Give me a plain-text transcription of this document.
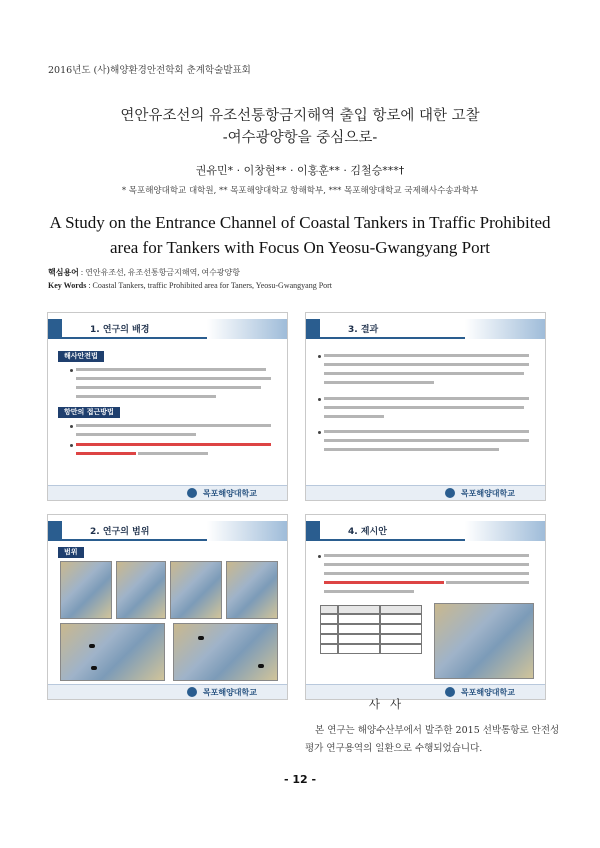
2016년도 (사)해양환경안전학회 춘계학술발표회
연안유조선의 유조선통항금지해역 출입 항로에 대한 고찰
-여수광양항을 중심으로-
권유민* · 이창현** · 이홍훈** · 김철승***†
* 목포해양대학교 대학원, ** 목포해양대학교 항해학부, *** 목포해양대학교 국제해사수송과학부
A Study on the Entrance Channel of Coastal Tankers in Traffic Prohibited
area for Tankers with Focus On Yeosu-Gwangyang Port
핵심용어 : 연안유조선, 유조선통항금지해역, 여수광양항
Key Words : Coastal Tankers, traffic Prohibited area for Taners, Yeosu-Gwangyang Port
1. 연구의 배경
해사안전법
항만의 접근방법
목포해양대학교
3. 결과
목포해양대학교
2. 연구의 범위
범위
목포해양대학교
4. 제시안
목포해양대학교
사사
본 연구는 해양수산부에서 발주한 2015 선박통항로 안전성
평가 연구용역의 일환으로 수행되었습니다.
- 12 -
